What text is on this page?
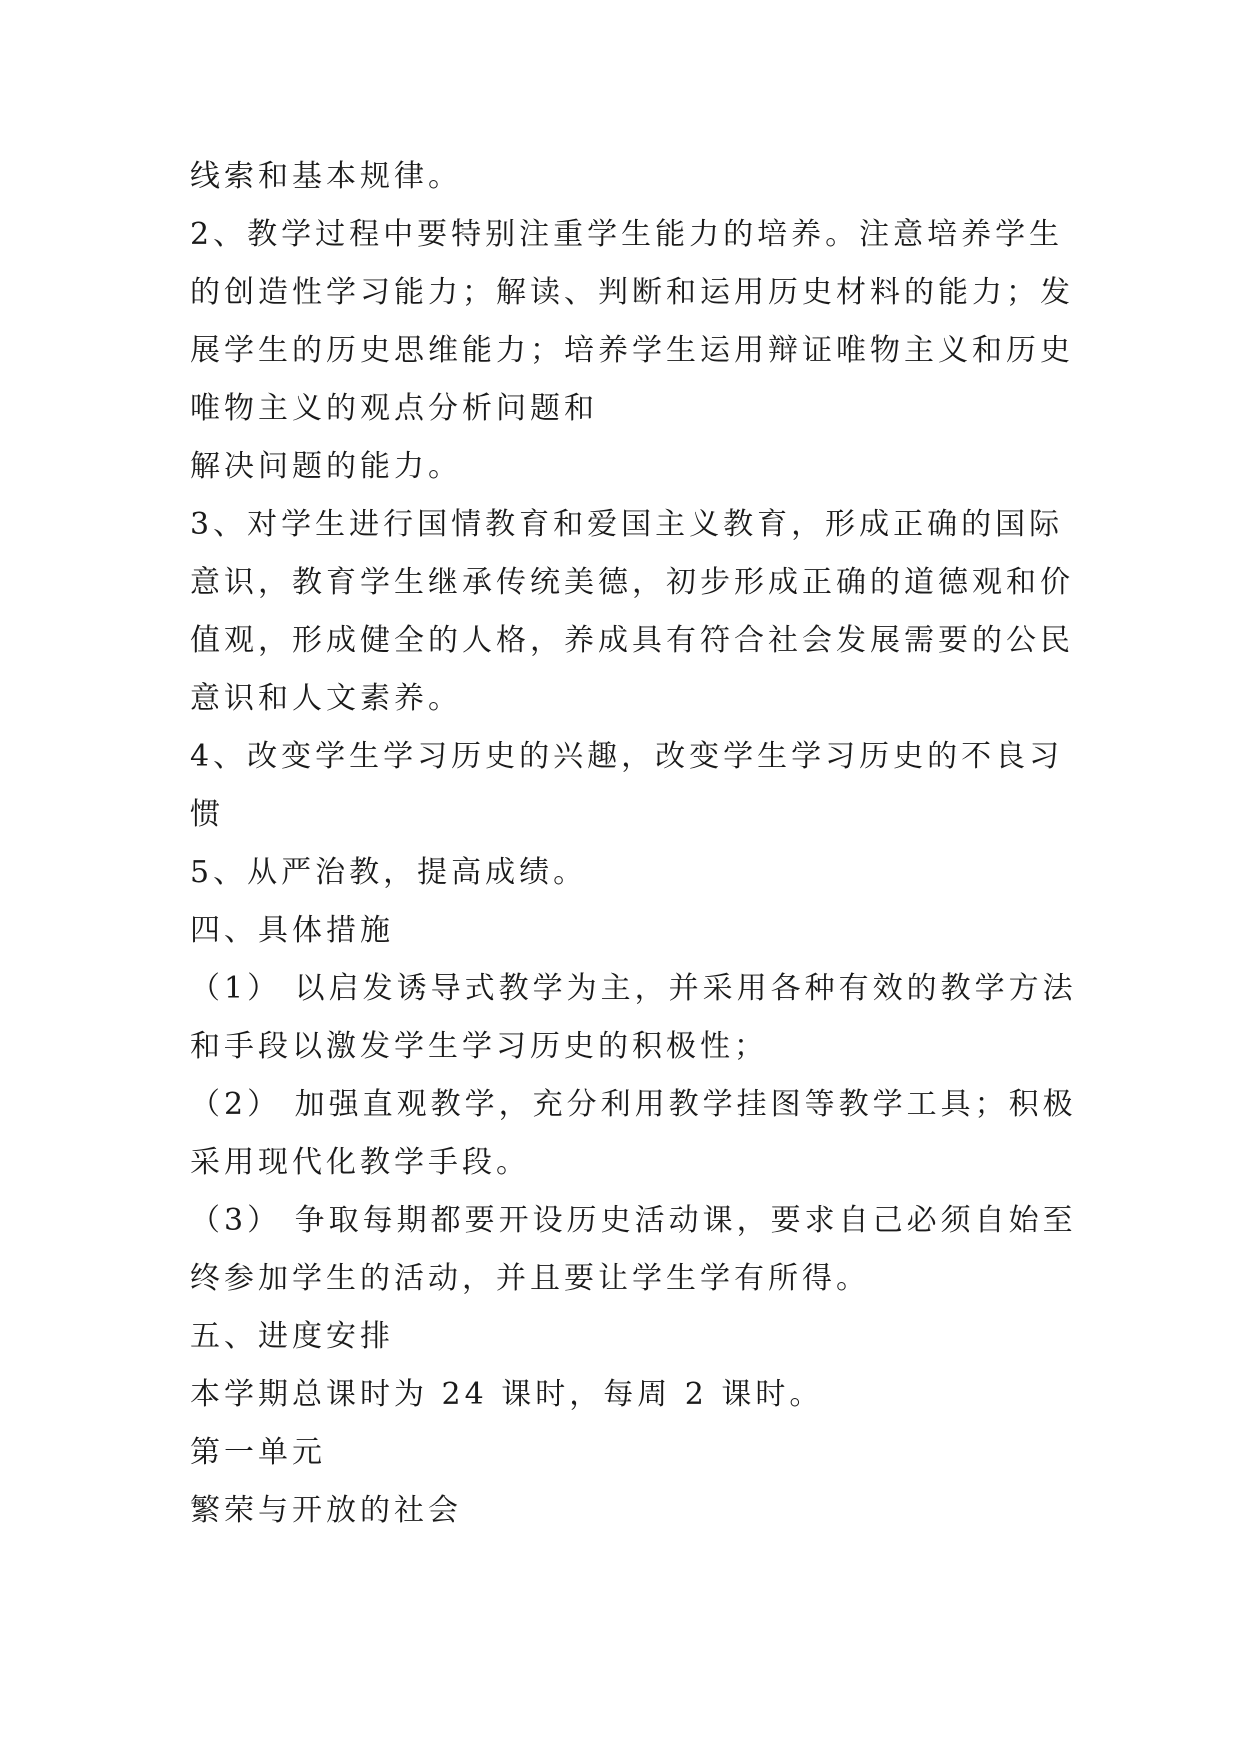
线索和基本规律。

2、教学过程中要特别注重学生能力的培养。注意培养学生

的创造性学习能力；解读、判断和运用历史材料的能力；发

展学生的历史思维能力；培养学生运用辩证唯物主义和历史

唯物主义的观点分析问题和

解决问题的能力。

3、对学生进行国情教育和爱国主义教育，形成正确的国际

意识，教育学生继承传统美德，初步形成正确的道德观和价

值观，形成健全的人格，养成具有符合社会发展需要的公民

意识和人文素养。

4、改变学生学习历史的兴趣，改变学生学习历史的不良习

惯

5、从严治教，提高成绩。

四、具体措施

（1） 以启发诱导式教学为主，并采用各种有效的教学方法

和手段以激发学生学习历史的积极性；

（2） 加强直观教学，充分利用教学挂图等教学工具；积极

采用现代化教学手段。

（3） 争取每期都要开设历史活动课，要求自己必须自始至

终参加学生的活动，并且要让学生学有所得。

五、进度安排

本学期总课时为 24 课时，每周 2 课时。

第一单元

繁荣与开放的社会
